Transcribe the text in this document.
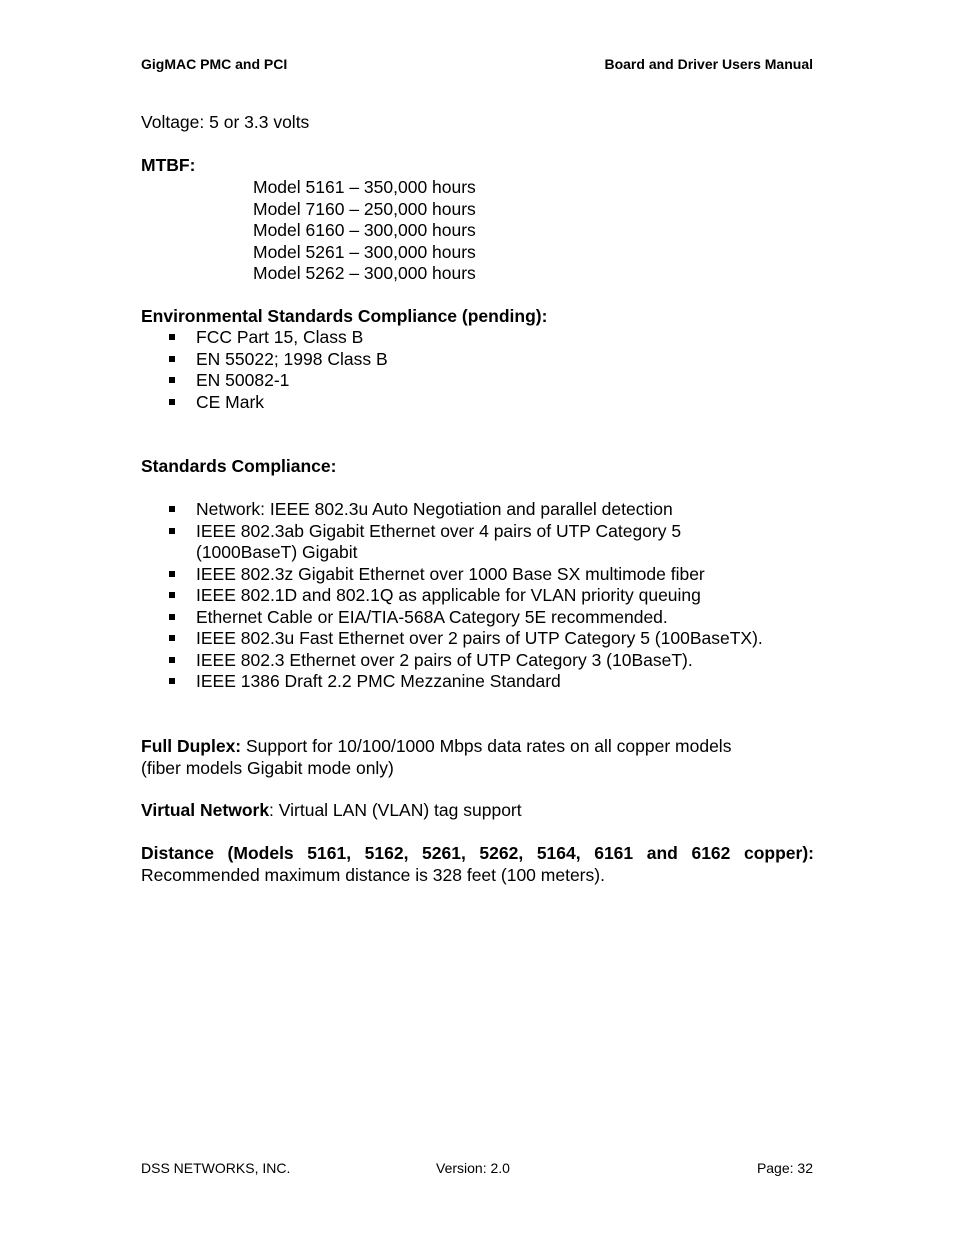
GigMAC PMC and PCI	Board and Driver Users Manual
Voltage: 5 or 3.3 volts
MTBF:
Model 5161 – 350,000 hours
Model 7160 – 250,000 hours
Model 6160 – 300,000 hours
Model 5261 – 300,000 hours
Model 5262 – 300,000 hours
Environmental Standards Compliance (pending):
FCC Part 15, Class B
EN 55022; 1998 Class B
EN 50082-1
CE Mark
Standards Compliance:
Network: IEEE 802.3u Auto Negotiation and parallel detection
IEEE 802.3ab Gigabit Ethernet over 4 pairs of UTP Category 5 (1000BaseT) Gigabit
IEEE 802.3z Gigabit Ethernet over 1000 Base SX multimode fiber
IEEE 802.1D and 802.1Q as applicable for VLAN priority queuing
Ethernet Cable or EIA/TIA-568A Category 5E recommended.
IEEE 802.3u Fast Ethernet over 2 pairs of UTP Category 5 (100BaseTX).
IEEE 802.3 Ethernet over 2 pairs of UTP Category 3 (10BaseT).
IEEE 1386 Draft 2.2 PMC Mezzanine Standard
Full Duplex: Support for 10/100/1000 Mbps data rates on all copper models
(fiber models Gigabit mode only)
Virtual Network: Virtual LAN (VLAN) tag support
Distance (Models 5161, 5162, 5261, 5262, 5164, 6161 and 6162 copper):
Recommended maximum distance is 328 feet (100 meters).
DSS NETWORKS, INC.	Version: 2.0	Page: 32
